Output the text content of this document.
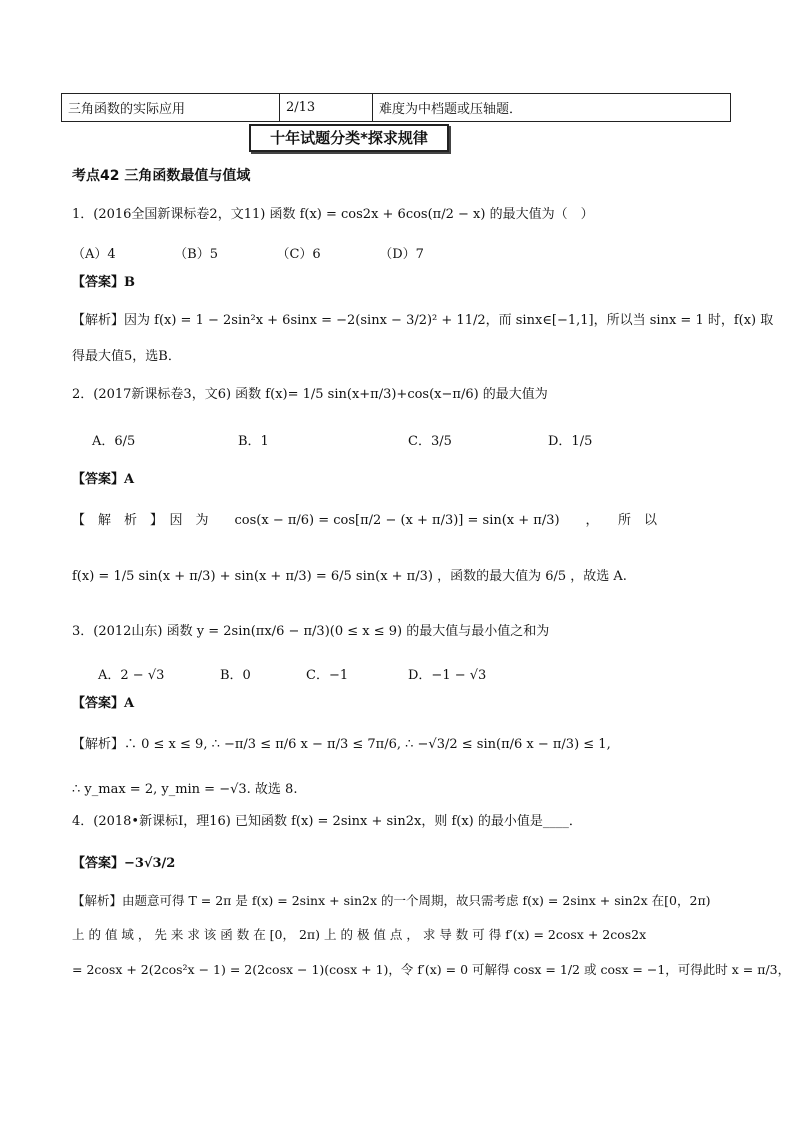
三角函数的实际应用	2/13	难度为中档题或压轴题．
十年试题分类*探求规律
考点42 三角函数最值与值域
1．(2016全国新课标卷2，文11) 函数 f(x) = cos2x + 6cos(π/2 − x) 的最大值为（　）
（A）4　　　　　（B）5　　　　　（C）6　　　　　（D）7
【答案】B
【解析】因为 f(x) = 1 − 2sin²x + 6sinx = −2(sinx − 3/2)² + 11/2，而 sinx∈[−1,1]，所以当 sinx = 1 时，f(x) 取
得最大值5，选B．
2．(2017新课标卷3，文6) 函数 f(x)= 1/5 sin(x+π/3)+cos(x−π/6) 的最大值为
A．6/5	B．1	C．3/5	D．1/5
【答案】A
【　解　析　】　因　为　　cos(x − π/6) = cos[π/2 − (x + π/3)] = sin(x + π/3)　　，　　所　以
f(x) = 1/5 sin(x + π/3) + sin(x + π/3) = 6/5 sin(x + π/3) ，函数的最大值为 6/5 ，故选 A.
3．(2012山东) 函数 y = 2sin(πx/6 − π/3)(0 ≤ x ≤ 9) 的最大值与最小值之和为
A．2 − √3	B．0	C．−1	D．−1 − √3
【答案】A
【解析】∴ 0 ≤ x ≤ 9, ∴ −π/3 ≤ π/6 x − π/3 ≤ 7π/6, ∴ −√3/2 ≤ sin(π/6 x − π/3) ≤ 1,
∴ y_max = 2, y_min = −√3. 故选 8.
4．(2018•新课标Ⅰ，理16) 已知函数 f(x) = 2sinx + sin2x，则 f(x) 的最小值是____．
【答案】−3√3/2
【解析】由题意可得 T = 2π 是 f(x) = 2sinx + sin2x 的一个周期，故只需考虑 f(x) = 2sinx + sin2x 在[0，2π)
上 的 值 域 ， 先 来 求 该 函 数 在 [0， 2π) 上 的 极 值 点 ， 求 导 数 可 得 f′(x) = 2cosx + 2cos2x
= 2cosx + 2(2cos²x − 1) = 2(2cosx − 1)(cosx + 1)，令 f′(x) = 0 可解得 cosx = 1/2 或 cosx = −1，可得此时 x = π/3，
